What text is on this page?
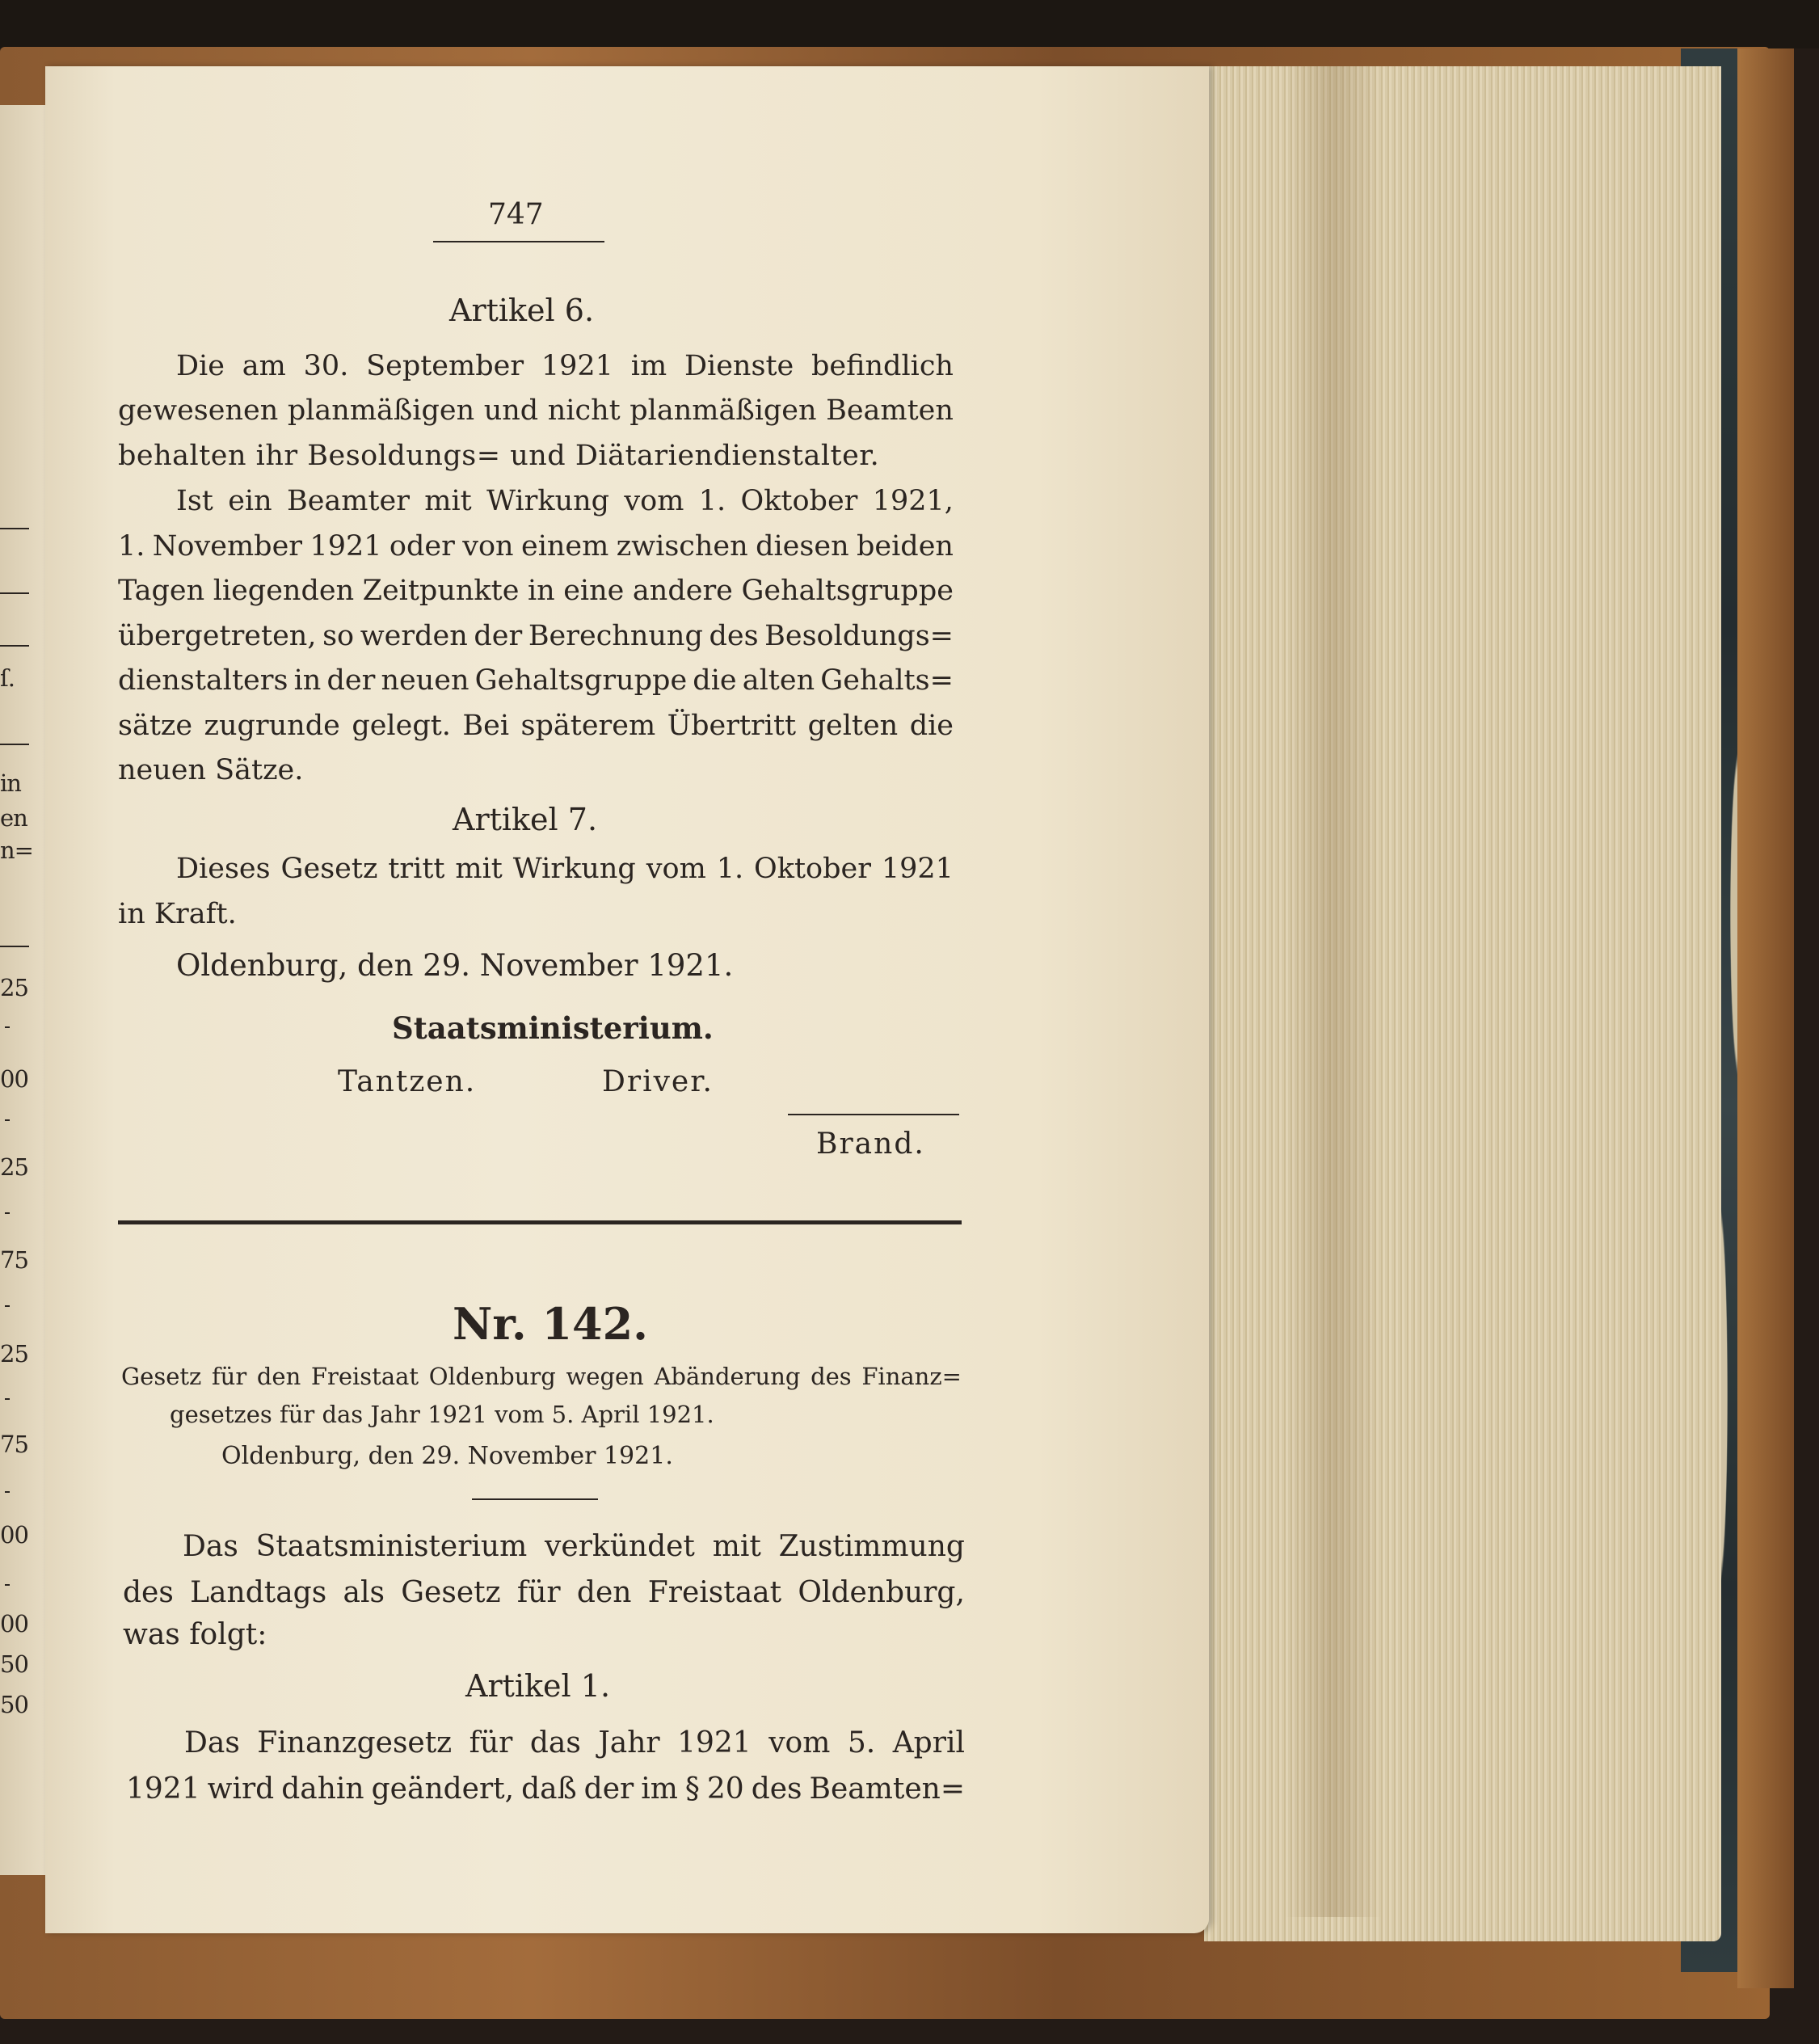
ſ.
in
en
n=
25
00
25
75
25
75
00
00
50
50
747
Artikel 6.
Die am 30. September 1921 im Dienste befindlich
gewesenen planmäßigen und nicht planmäßigen Beamten
behalten ihr Besoldungs= und Diätariendienstalter.
Ist ein Beamter mit Wirkung vom 1. Oktober 1921,
1. November 1921 oder von einem zwischen diesen beiden
Tagen liegenden Zeitpunkte in eine andere Gehaltsgruppe
übergetreten, so werden der Berechnung des Besoldungs=
dienstalters in der neuen Gehaltsgruppe die alten Gehalts=
sätze zugrunde gelegt. Bei späterem Übertritt gelten die
neuen Sätze.
Artikel 7.
Dieses Gesetz tritt mit Wirkung vom 1. Oktober 1921
in Kraft.
Oldenburg, den 29. November 1921.
Staatsministerium.
Tantzen.	Driver.
Brand.
Nr. 142.
Gesetz für den Freistaat Oldenburg wegen Abänderung des Finanz=
gesetzes für das Jahr 1921 vom 5. April 1921.
Oldenburg, den 29. November 1921.
Das Staatsministerium verkündet mit Zustimmung
des Landtags als Gesetz für den Freistaat Oldenburg,
was folgt:
Artikel 1.
Das Finanzgesetz für das Jahr 1921 vom 5. April
1921 wird dahin geändert, daß der im § 20 des Beamten=
